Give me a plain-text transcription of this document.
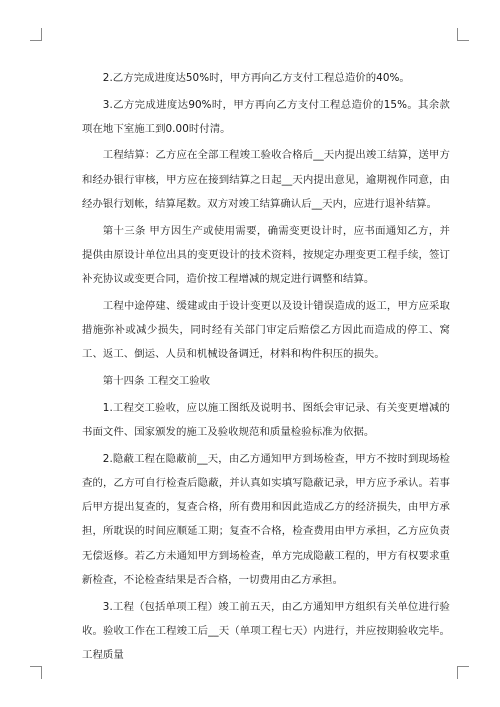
2.乙方完成进度达50%时，甲方再向乙方支付工程总造价的40%。

3.乙方完成进度达90%时，甲方再向乙方支付工程总造价的15%。其余款项在地下室施工到0.00时付清。

工程结算：乙方应在全部工程竣工验收合格后__天内提出竣工结算，送甲方和经办银行审核，甲方应在接到结算之日起__天内提出意见，逾期视作同意，由经办银行划帐，结算尾数。双方对竣工结算确认后__天内，应进行退补结算。

第十三条 甲方因生产或使用需要，确需变更设计时，应书面通知乙方，并提供由原设计单位出具的变更设计的技术资料，按规定办理变更工程手续，签订补充协议或变更合同，造价按工程增减的规定进行调整和结算。

工程中途停建、缓建或由于设计变更以及设计错误造成的返工，甲方应采取措施弥补或减少损失，同时经有关部门审定后赔偿乙方因此而造成的停工、窝工、返工、倒运、人员和机械设备调迁，材料和构件积压的损失。

第十四条 工程交工验收

1.工程交工验收，应以施工图纸及说明书、图纸会审记录、有关变更增减的书面文件、国家颁发的施工及验收规范和质量检验标准为依据。

2.隐蔽工程在隐蔽前__天，由乙方通知甲方到场检查，甲方不按时到现场检查的，乙方可自行检查后隐蔽，并认真如实填写隐蔽记录，甲方应予承认。若事后甲方提出复查的，复查合格，所有费用和因此造成乙方的经济损失，由甲方承担，所耽误的时间应顺延工期；复查不合格，检查费用由甲方承担，乙方应负责无偿返修。若乙方未通知甲方到场检查，单方完成隐蔽工程的，甲方有权要求重新检查，不论检查结果是否合格，一切费用由乙方承担。

3.工程（包括单项工程）竣工前五天，由乙方通知甲方组织有关单位进行验收。验收工作在工程竣工后__天（单项工程七天）内进行，并应按期验收完毕。工程质量
